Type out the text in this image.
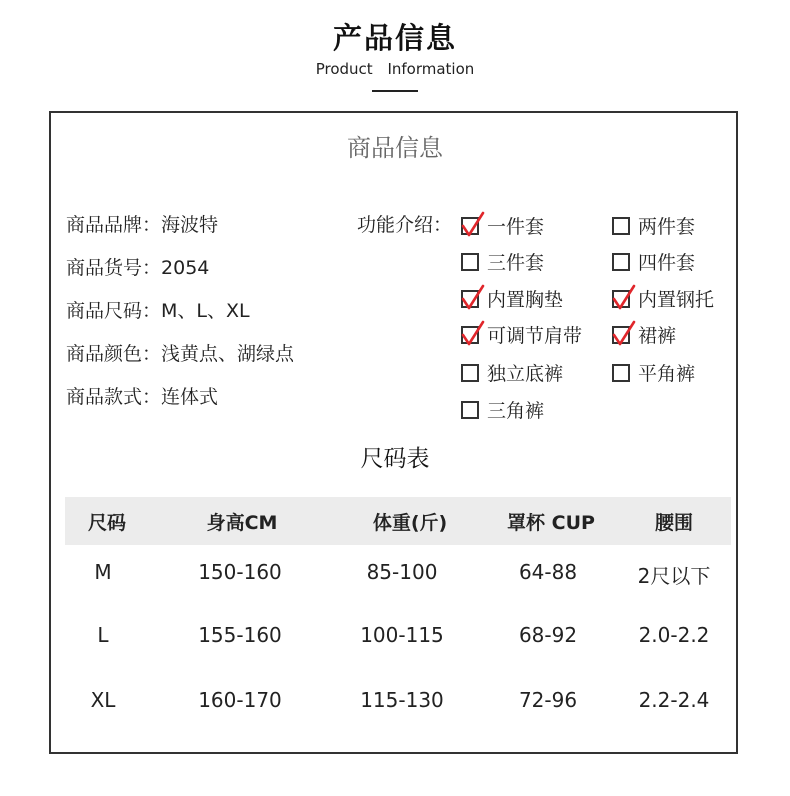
产品信息
Product Information
商品信息
商品品牌：海波特
商品货号：2054
商品尺码：M、L、XL
商品颜色：浅黄点、湖绿点
商品款式：连体式
功能介绍： 一件套	两件套
三件套	四件套
内置胸垫	内置钢托
可调节肩带	裙裤
独立底裤	平角裤
三角裤
尺码表
尺码	身高CM	体重(斤)	罩杯 CUP	腰围
M	150-160	85-100	64-88	2尺以下
L	155-160	100-115	68-92	2.0-2.2
XL	160-170	115-130	72-96	2.2-2.4
